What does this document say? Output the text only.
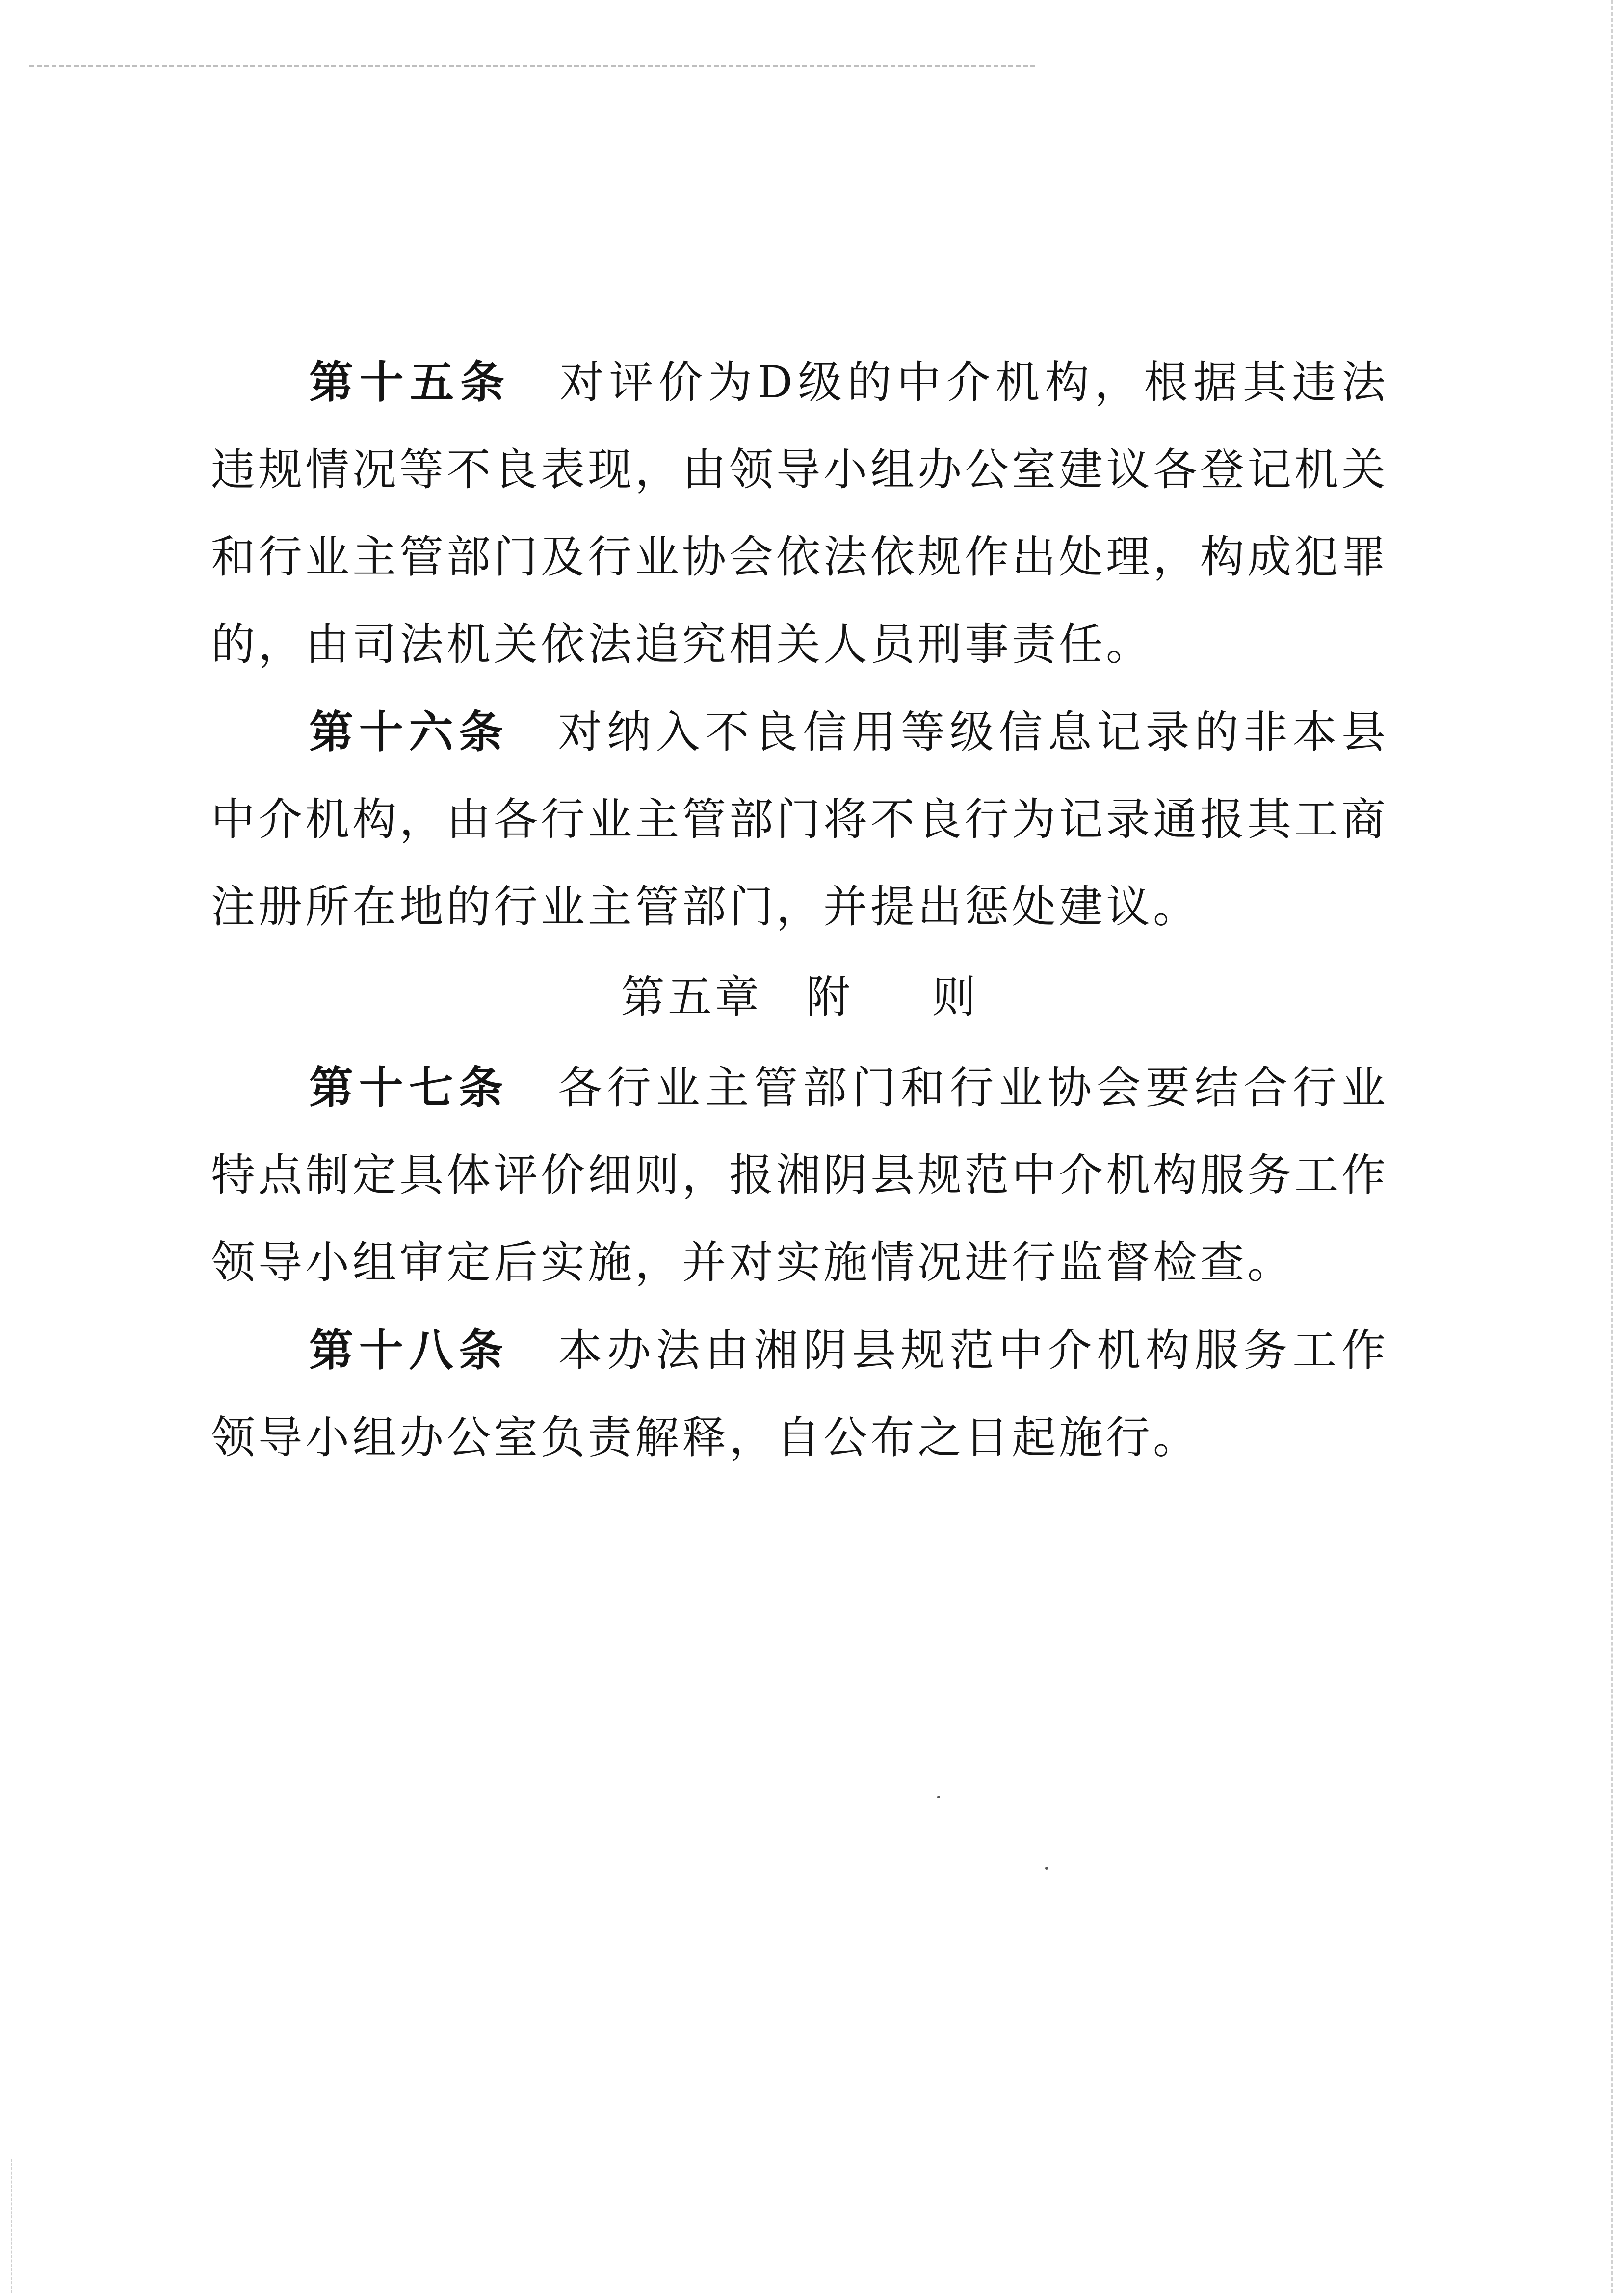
第十五条 对评价为D级的中介机构，根据其违法违规情况等不良表现，由领导小组办公室建议各登记机关和行业主管部门及行业协会依法依规作出处理，构成犯罪的，由司法机关依法追究相关人员刑事责任。

第十六条 对纳入不良信用等级信息记录的非本县中介机构，由各行业主管部门将不良行为记录通报其工商注册所在地的行业主管部门，并提出惩处建议。

第五章 附 则

第十七条 各行业主管部门和行业协会要结合行业特点制定具体评价细则，报湘阴县规范中介机构服务工作领导小组审定后实施，并对实施情况进行监督检查。

第十八条 本办法由湘阴县规范中介机构服务工作领导小组办公室负责解释，自公布之日起施行。
